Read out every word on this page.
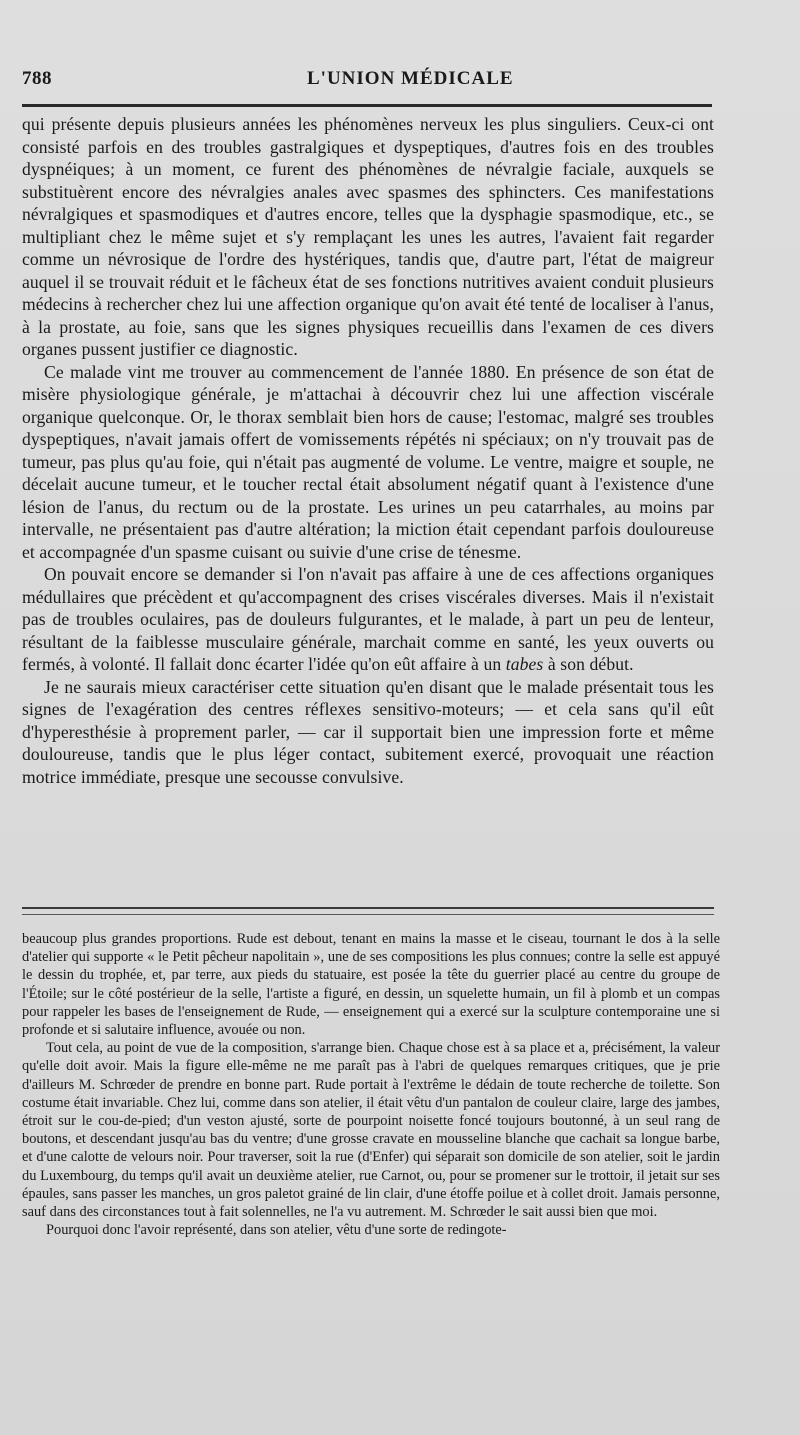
788	L'UNION MÉDICALE

qui présente depuis plusieurs années les phénomènes nerveux les plus singuliers. Ceux-ci ont consisté parfois en des troubles gastralgiques et dyspeptiques, d'autres fois en des troubles dyspnéiques; à un moment, ce furent des phénomènes de névralgie faciale, auxquels se substituèrent encore des névralgies anales avec spasmes des sphincters. Ces manifestations névralgiques et spasmodiques et d'autres encore, telles que la dysphagie spasmodique, etc., se multipliant chez le même sujet et s'y remplaçant les unes les autres, l'avaient fait regarder comme un névrosique de l'ordre des hystériques, tandis que, d'autre part, l'état de maigreur auquel il se trouvait réduit et le fâcheux état de ses fonctions nutritives avaient conduit plusieurs médecins à rechercher chez lui une affection organique qu'on avait été tenté de localiser à l'anus, à la prostate, au foie, sans que les signes physiques recueillis dans l'examen de ces divers organes pussent justifier ce diagnostic.

Ce malade vint me trouver au commencement de l'année 1880. En présence de son état de misère physiologique générale, je m'attachai à découvrir chez lui une affection viscérale organique quelconque. Or, le thorax semblait bien hors de cause; l'estomac, malgré ses troubles dyspeptiques, n'avait jamais offert de vomissements répétés ni spéciaux; on n'y trouvait pas de tumeur, pas plus qu'au foie, qui n'était pas augmenté de volume. Le ventre, maigre et souple, ne décelait aucune tumeur, et le toucher rectal était absolument négatif quant à l'existence d'une lésion de l'anus, du rectum ou de la prostate. Les urines un peu catarrhales, au moins par intervalle, ne présentaient pas d'autre altération; la miction était cependant parfois douloureuse et accompagnée d'un spasme cuisant ou suivie d'une crise de ténesme.

On pouvait encore se demander si l'on n'avait pas affaire à une de ces affections organiques médullaires que précèdent et qu'accompagnent des crises viscérales diverses. Mais il n'existait pas de troubles oculaires, pas de douleurs fulgurantes, et le malade, à part un peu de lenteur, résultant de la faiblesse musculaire générale, marchait comme en santé, les yeux ouverts ou fermés, à volonté. Il fallait donc écarter l'idée qu'on eût affaire à un tabes à son début.

Je ne saurais mieux caractériser cette situation qu'en disant que le malade présentait tous les signes de l'exagération des centres réflexes sensitivo-moteurs; — et cela sans qu'il eût d'hyperesthésie à proprement parler, — car il supportait bien une impression forte et même douloureuse, tandis que le plus léger contact, subitement exercé, provoquait une réaction motrice immédiate, presque une secousse convulsive.

beaucoup plus grandes proportions. Rude est debout, tenant en mains la masse et le ciseau, tournant le dos à la selle d'atelier qui supporte « le Petit pêcheur napolitain », une de ses compositions les plus connues; contre la selle est appuyé le dessin du trophée, et, par terre, aux pieds du statuaire, est posée la tête du guerrier placé au centre du groupe de l'Étoile; sur le côté postérieur de la selle, l'artiste a figuré, en dessin, un squelette humain, un fil à plomb et un compas pour rappeler les bases de l'enseignement de Rude, — enseignement qui a exercé sur la sculpture contemporaine une si profonde et si salutaire influence, avouée ou non.

Tout cela, au point de vue de la composition, s'arrange bien. Chaque chose est à sa place et a, précisément, la valeur qu'elle doit avoir. Mais la figure elle-même ne me paraît pas à l'abri de quelques remarques critiques, que je prie d'ailleurs M. Schrœder de prendre en bonne part. Rude portait à l'extrême le dédain de toute recherche de toilette. Son costume était invariable. Chez lui, comme dans son atelier, il était vêtu d'un pantalon de couleur claire, large des jambes, étroit sur le cou-de-pied; d'un veston ajusté, sorte de pourpoint noisette foncé toujours boutonné, à un seul rang de boutons, et descendant jusqu'au bas du ventre; d'une grosse cravate en mousseline blanche que cachait sa longue barbe, et d'une calotte de velours noir. Pour traverser, soit la rue (d'Enfer) qui séparait son domicile de son atelier, soit le jardin du Luxembourg, du temps qu'il avait un deuxième atelier, rue Carnot, ou, pour se promener sur le trottoir, il jetait sur ses épaules, sans passer les manches, un gros paletot grainé de lin clair, d'une étoffe poilue et à collet droit. Jamais personne, sauf dans des circonstances tout à fait solennelles, ne l'a vu autrement. M. Schrœder le sait aussi bien que moi.

Pourquoi donc l'avoir représenté, dans son atelier, vêtu d'une sorte de redingote-
